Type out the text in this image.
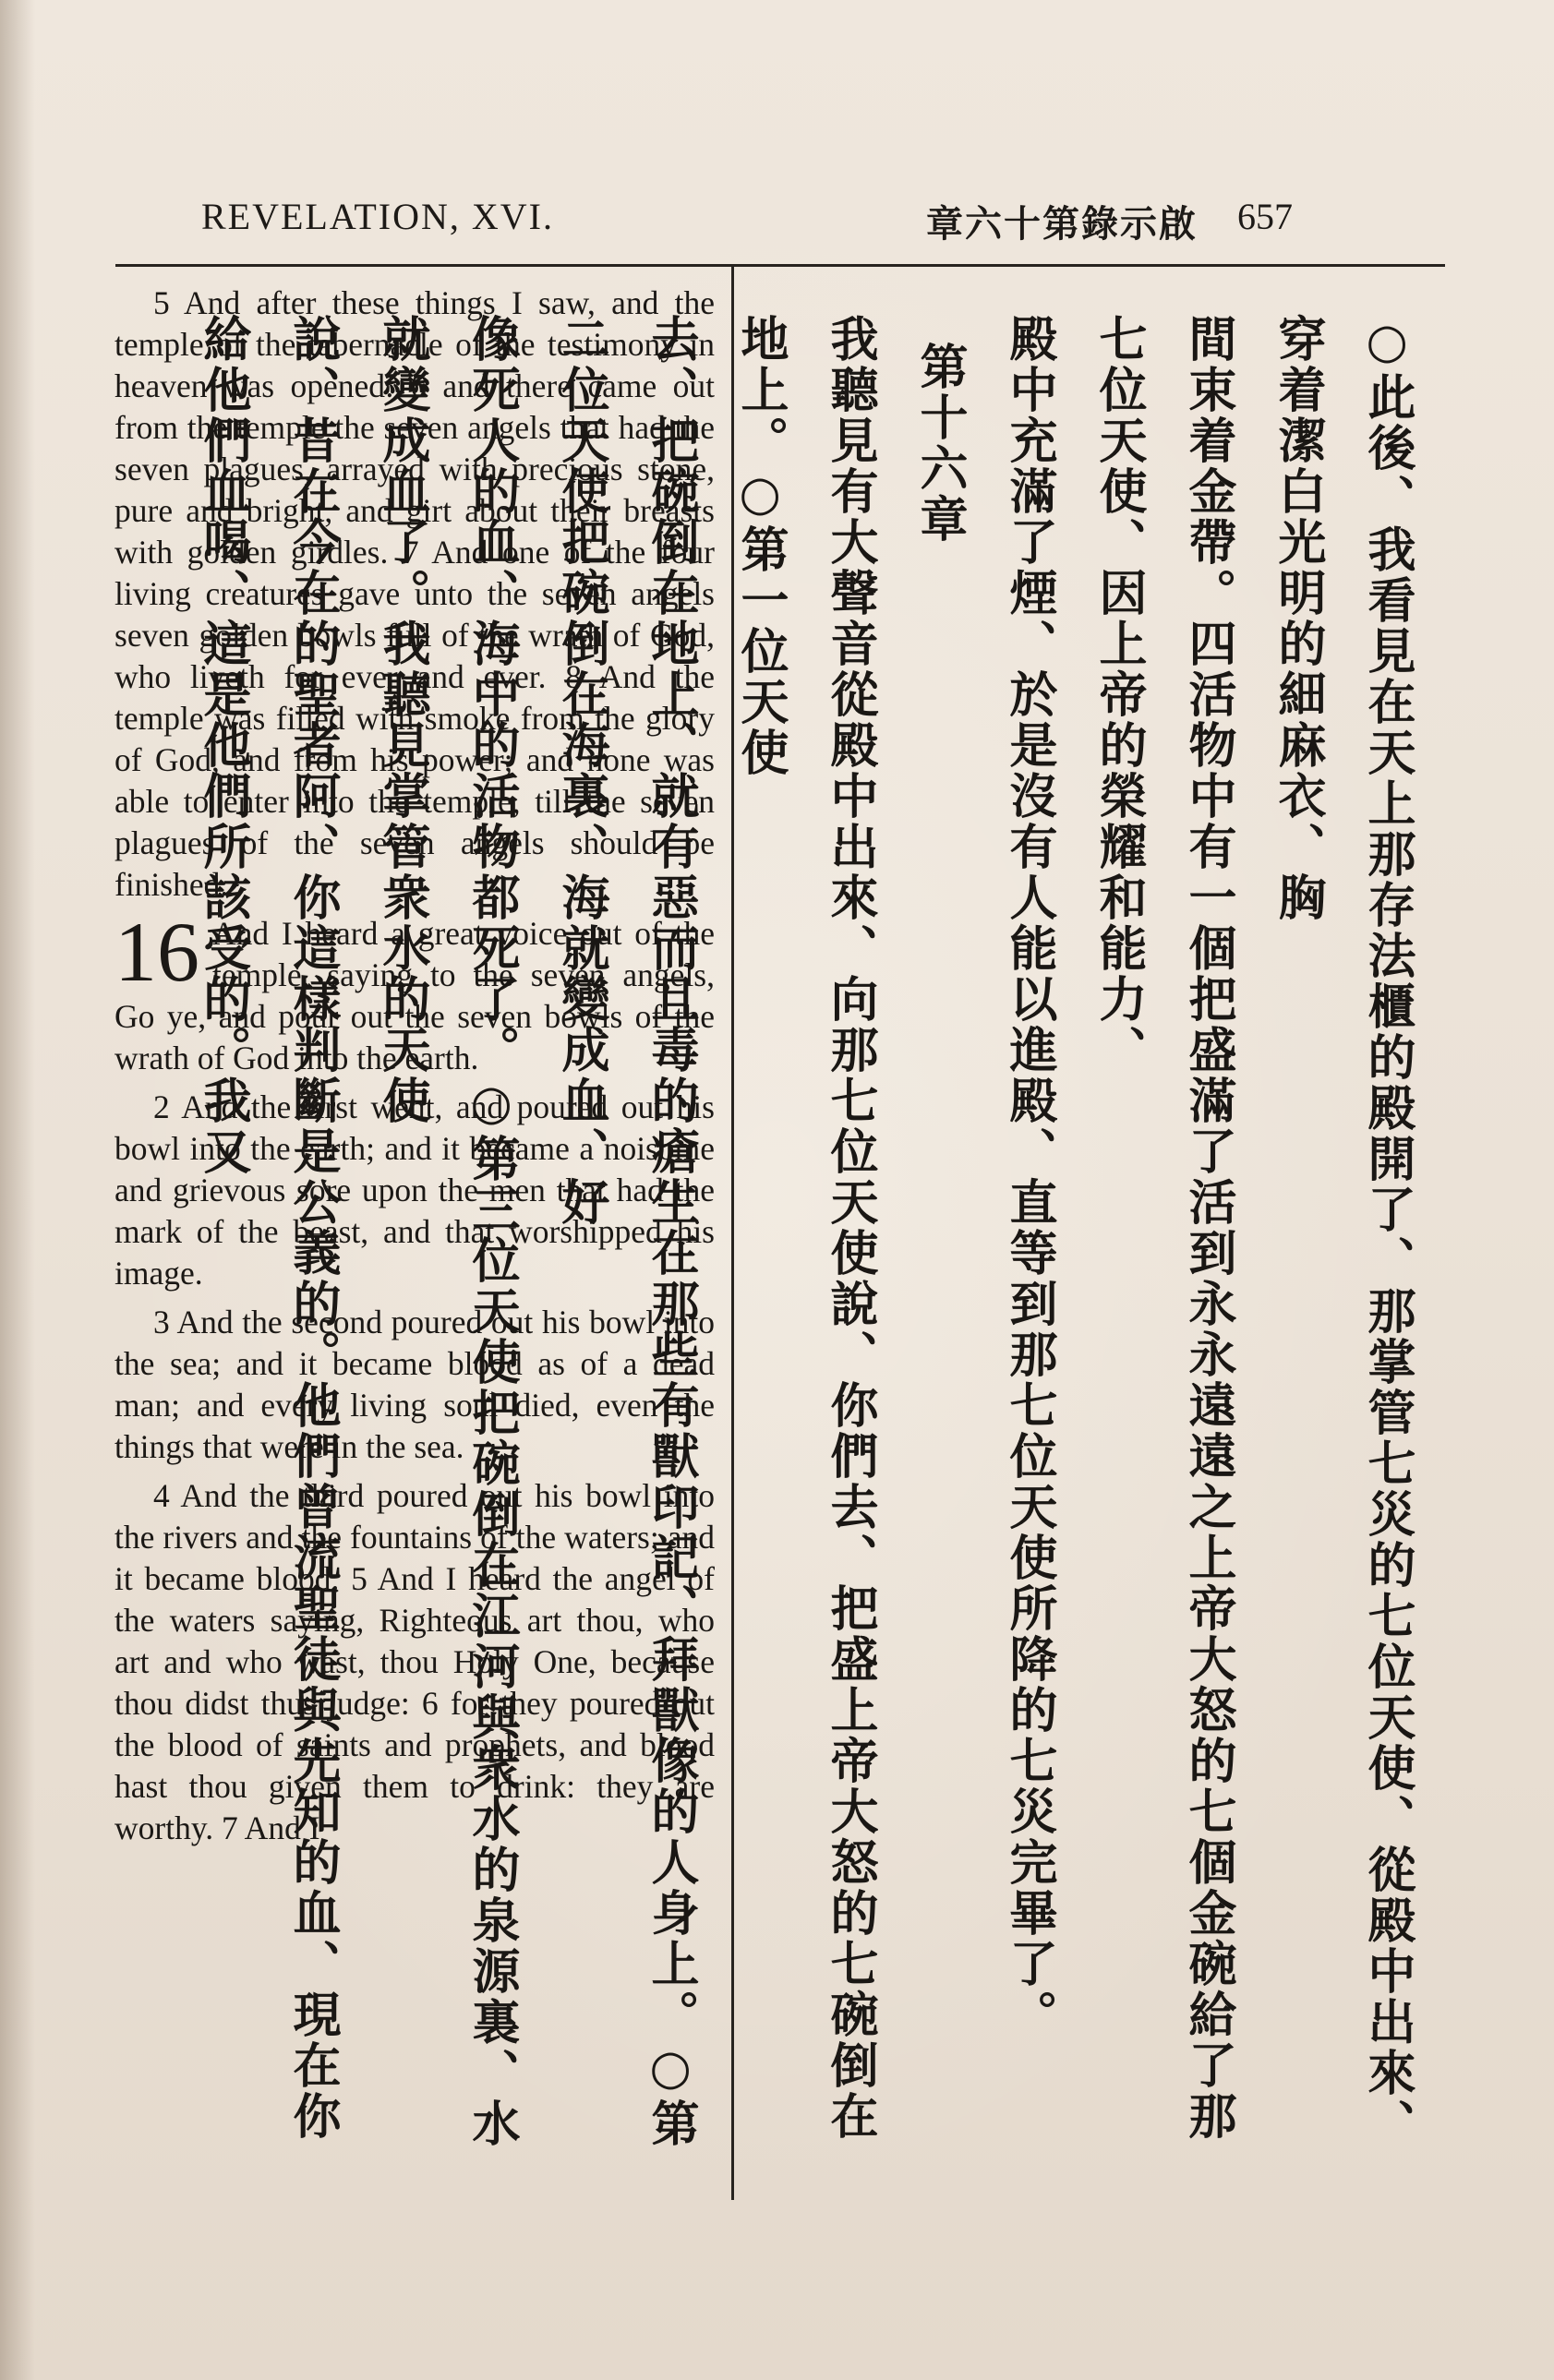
REVELATION, XVI.	章六十第錄示啟 657

5 And after these things I saw, and the temple of the tabernacle of the testimony in heaven was opened: 6 and there came out from the temple the seven angels that had the seven plagues, arrayed with precious stone, pure and bright, and girt about their breasts with golden girdles. 7 And one of the four living creatures gave unto the seven angels seven golden bowls full of the wrath of God, who liveth for ever and ever. 8 And the temple was filled with smoke from the glory of God, and from his power; and none was able to enter into the temple, till the seven plagues of the seven angels should be finished.

16 And I heard a great voice out of the temple, saying to the seven angels, Go ye, and pour out the seven bowls of the wrath of God into the earth.

2 And the first went, and poured out his bowl into the earth; and it became a noisome and grievous sore upon the men that had the mark of the beast, and that worshipped his image.

3 And the second poured out his bowl into the sea; and it became blood as of a dead man; and every living soul died, even the things that were in the sea.

4 And the third poured out his bowl into the rivers and the fountains of the waters; and it became blood. 5 And I heard the angel of the waters saying, Righteous art thou, who art and who wast, thou Holy One, because thou didst thus judge: 6 for they poured out the blood of saints and prophets, and blood hast thou given them to drink: they are worthy. 7 And I	○此後、我看見在天上那存法櫃的殿開了、那掌管七災的七位天使、從殿中出來、穿着潔白光明的細麻衣、胸

間束着金帶。四活物中有一個把盛滿了活到永永遠遠之上帝大怒的七個金碗給了那七位天使、因上帝的榮耀和能力、

殿中充滿了煙、於是沒有人能以進殿、直等到那七位天使所降的七災完畢了。

第十六章

我聽見有大聲音從殿中出來、向那七位天使說、你們去、把盛上帝大怒的七碗倒在地上。○第一位天使

去、把碗倒在地上、就有惡而且毒的瘡生在那些有獸印記、拜獸像的人身上。○第二位天使把碗倒在海裏、海就變成血、好

像死人的血、海中的活物都死了。○第三位天使把碗倒在江河與衆水的泉源裏、水就變成血了。我聽見掌管衆水的天使

說、昔在今在的聖者阿、你這樣判斷是公義的。他們曾流聖徒與先知的血、現在你給他們血喝、這是他們所該受的。我又
